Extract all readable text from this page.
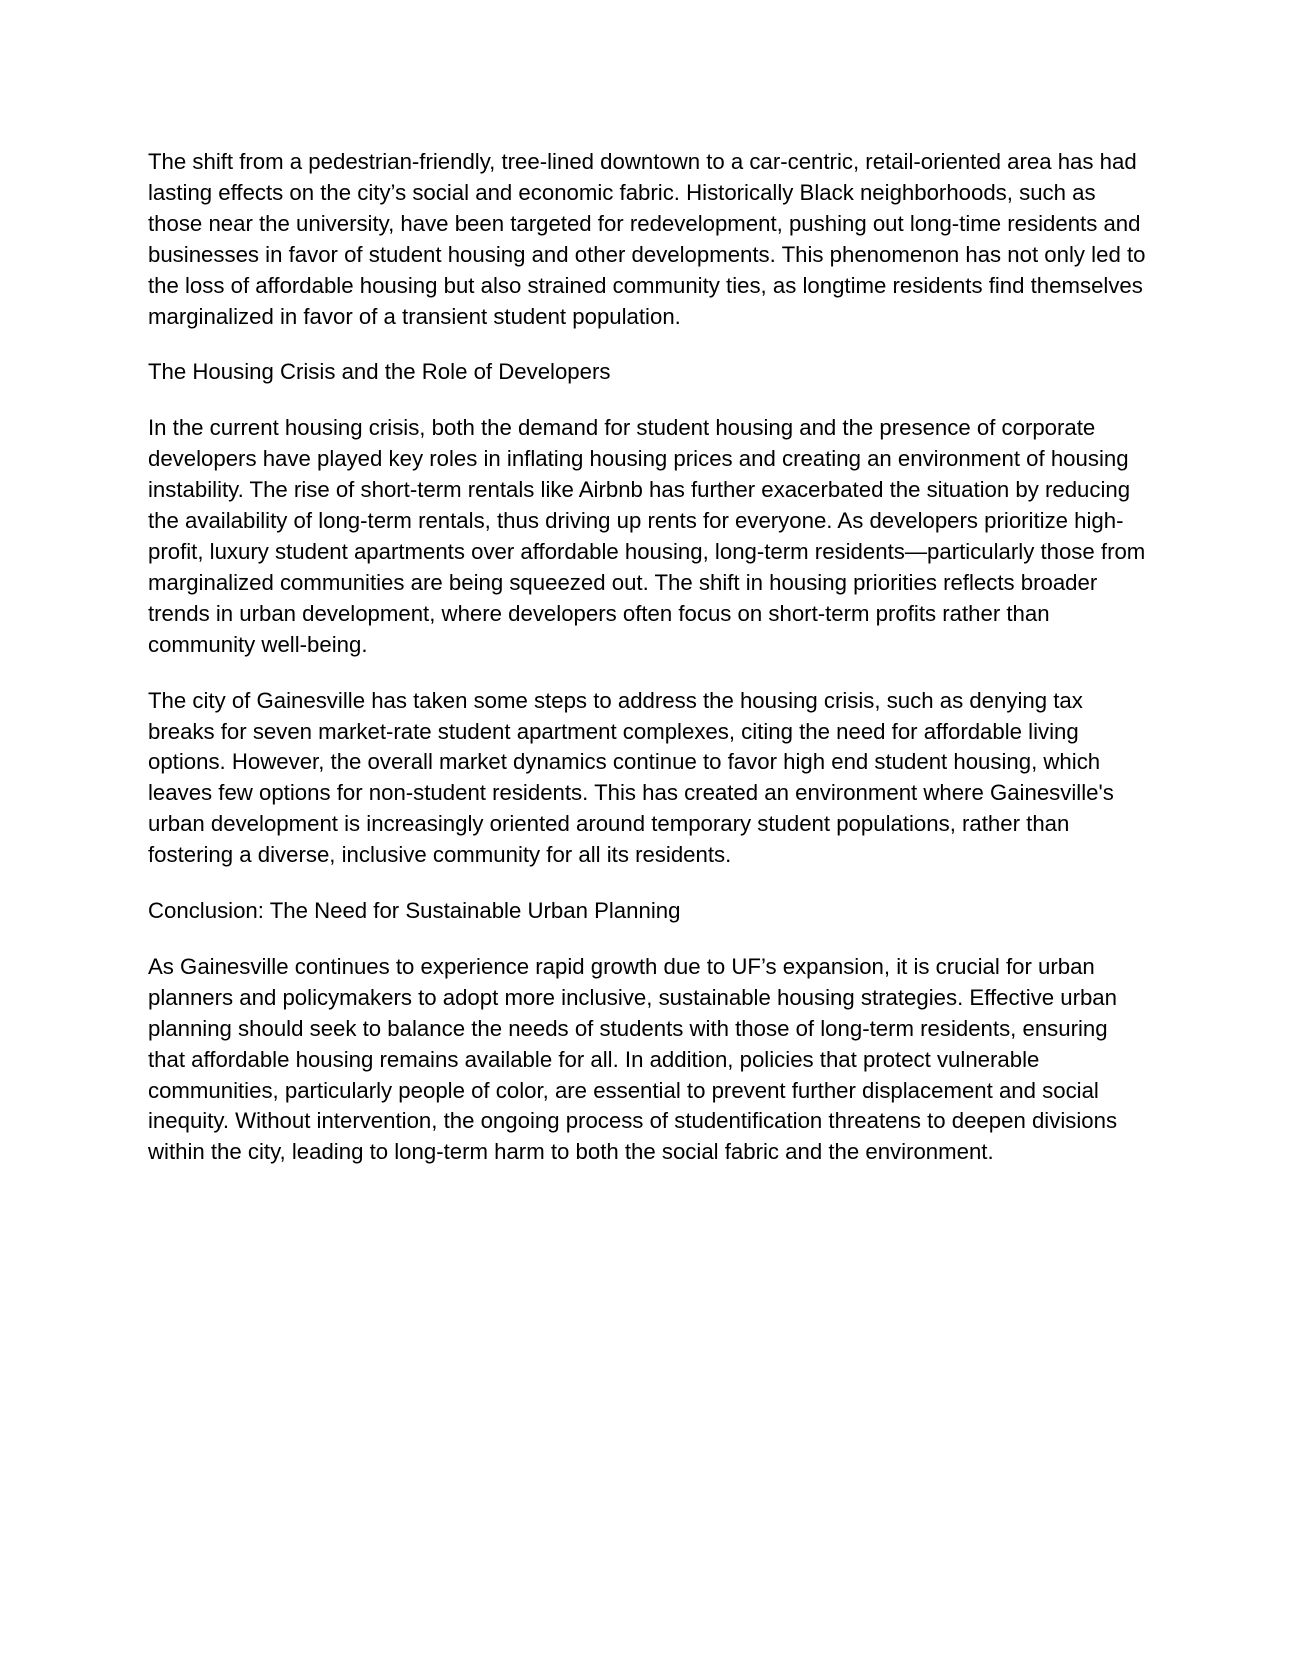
The shift from a pedestrian-friendly, tree-lined downtown to a car-centric, retail-oriented area has had lasting effects on the city’s social and economic fabric. Historically Black neighborhoods, such as those near the university, have been targeted for redevelopment, pushing out long-time residents and businesses in favor of student housing and other developments. This phenomenon has not only led to the loss of affordable housing but also strained community ties, as longtime residents find themselves marginalized in favor of a transient student population.

The Housing Crisis and the Role of Developers

In the current housing crisis, both the demand for student housing and the presence of corporate developers have played key roles in inflating housing prices and creating an environment of housing instability. The rise of short-term rentals like Airbnb has further exacerbated the situation by reducing the availability of long-term rentals, thus driving up rents for everyone. As developers prioritize high-profit, luxury student apartments over affordable housing, long-term residents—particularly those from marginalized communities are being squeezed out. The shift in housing priorities reflects broader trends in urban development, where developers often focus on short-term profits rather than community well-being.

The city of Gainesville has taken some steps to address the housing crisis, such as denying tax breaks for seven market-rate student apartment complexes, citing the need for affordable living options. However, the overall market dynamics continue to favor high end student housing, which leaves few options for non-student residents. This has created an environment where Gainesville's urban development is increasingly oriented around temporary student populations, rather than fostering a diverse, inclusive community for all its residents.

Conclusion: The Need for Sustainable Urban Planning

As Gainesville continues to experience rapid growth due to UF’s expansion, it is crucial for urban planners and policymakers to adopt more inclusive, sustainable housing strategies. Effective urban planning should seek to balance the needs of students with those of long-term residents, ensuring that affordable housing remains available for all. In addition, policies that protect vulnerable communities, particularly people of color, are essential to prevent further displacement and social inequity. Without intervention, the ongoing process of studentification threatens to deepen divisions within the city, leading to long-term harm to both the social fabric and the environment.
